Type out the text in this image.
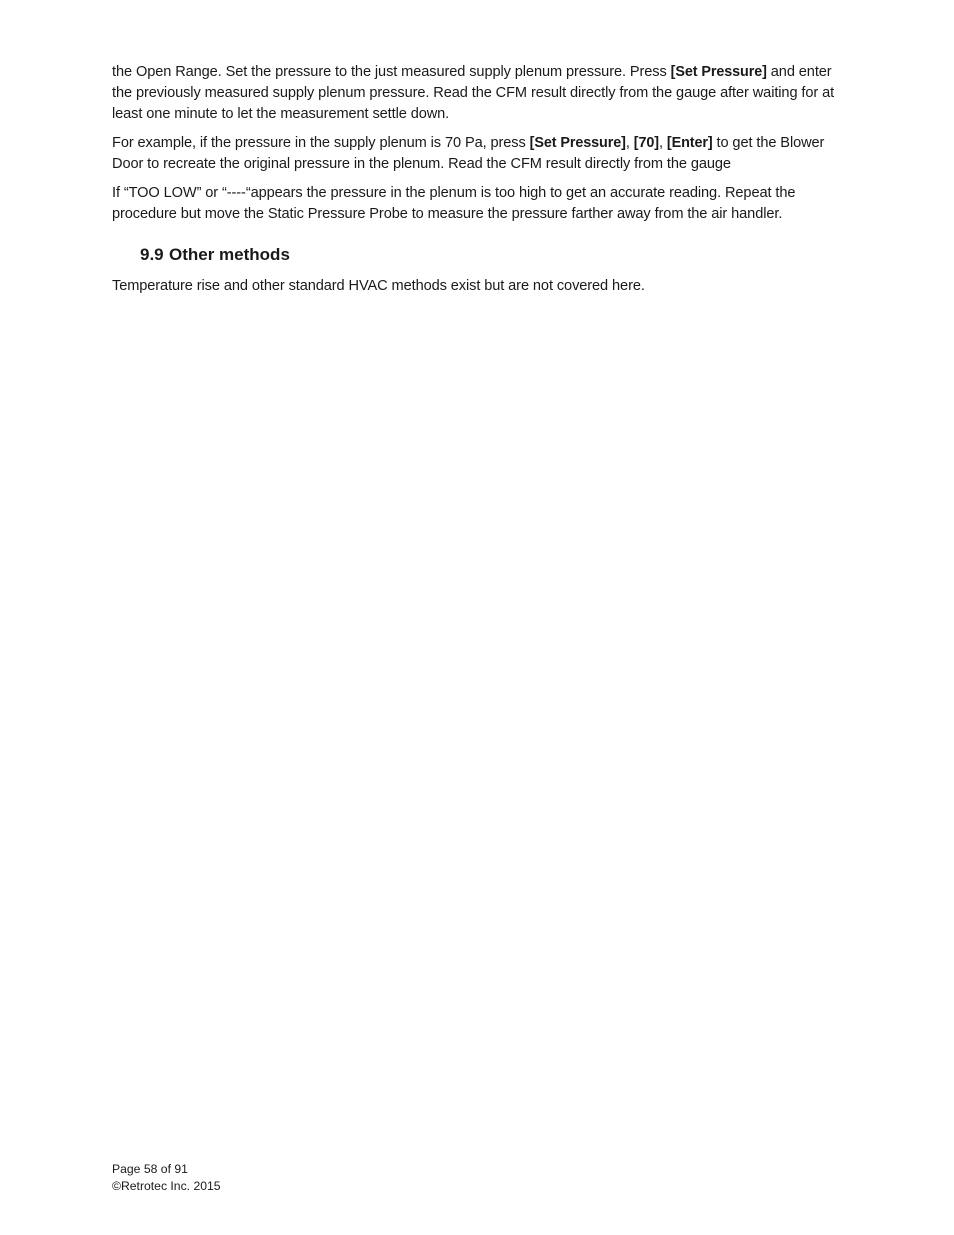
the Open Range. Set the pressure to the just measured supply plenum pressure. Press [Set Pressure] and enter the previously measured supply plenum pressure. Read the CFM result directly from the gauge after waiting for at least one minute to let the measurement settle down.

For example, if the pressure in the supply plenum is 70 Pa, press [Set Pressure], [70], [Enter] to get the Blower Door to recreate the original pressure in the plenum. Read the CFM result directly from the gauge

If “TOO LOW” or “----“appears the pressure in the plenum is too high to get an accurate reading. Repeat the procedure but move the Static Pressure Probe to measure the pressure farther away from the air handler.

9.9 Other methods

Temperature rise and other standard HVAC methods exist but are not covered here.

Page 58 of 91
©Retrotec Inc. 2015
